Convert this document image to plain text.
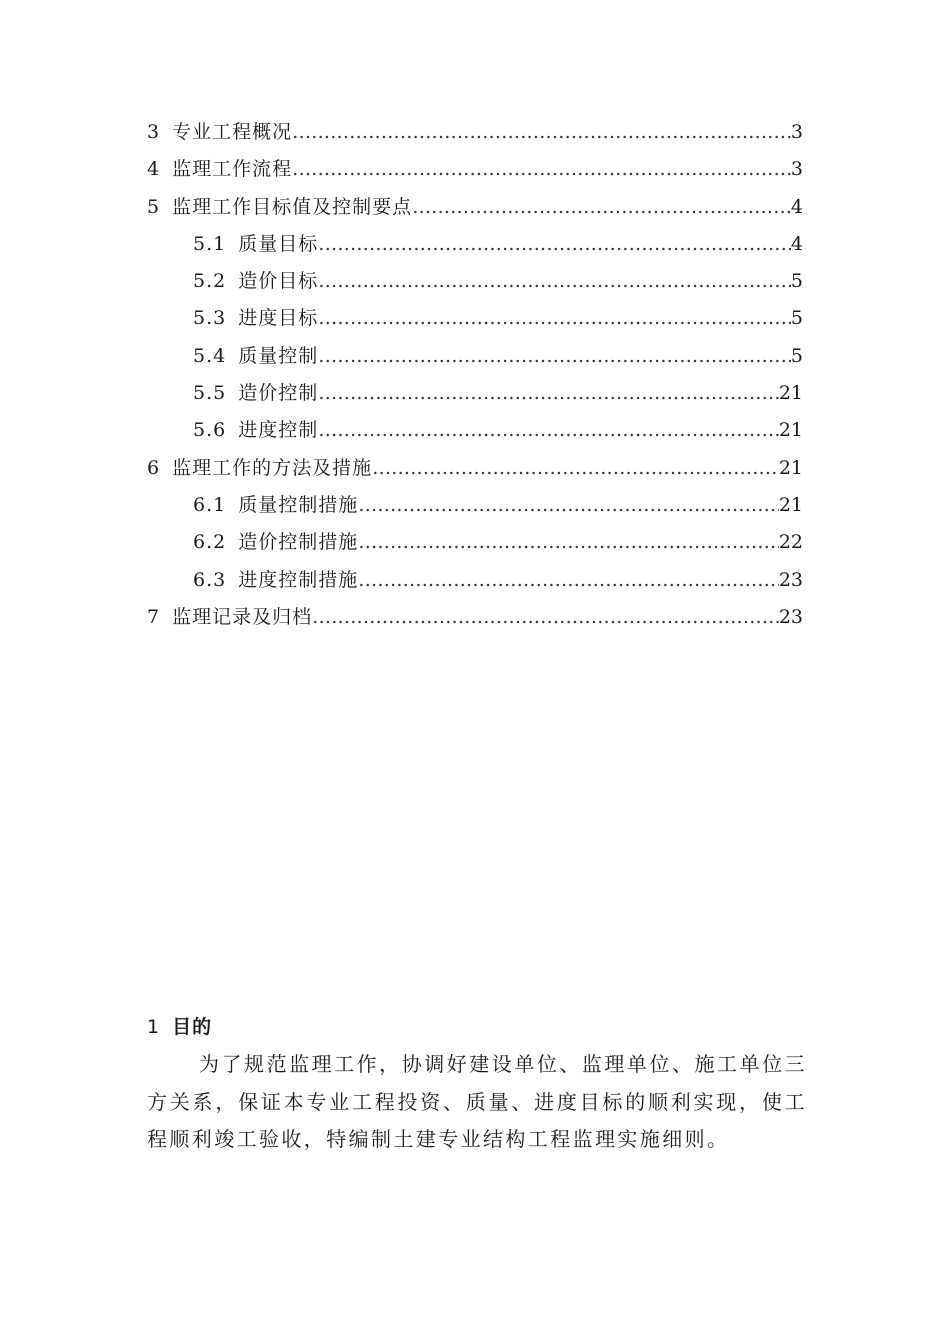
3 专业工程概况 ……………………………………………………………………………………………………………………………………………………………………	3
4 监理工作流程 ……………………………………………………………………………………………………………………………………………………………………	3
5 监理工作目标值及控制要点 ……………………………………………………………………………………………………………………………………………………………………	4
5.1 质量目标 ……………………………………………………………………………………………………………………………………………………………………	4
5.2 造价目标 ……………………………………………………………………………………………………………………………………………………………………	5
5.3 进度目标 ……………………………………………………………………………………………………………………………………………………………………	5
5.4 质量控制 ……………………………………………………………………………………………………………………………………………………………………	5
5.5 造价控制 ……………………………………………………………………………………………………………………………………………………………………	21
5.6 进度控制 ……………………………………………………………………………………………………………………………………………………………………	21
6 监理工作的方法及措施 ……………………………………………………………………………………………………………………………………………………………………	21
6.1 质量控制措施 ……………………………………………………………………………………………………………………………………………………………………	21
6.2 造价控制措施 ……………………………………………………………………………………………………………………………………………………………………	22
6.3 进度控制措施 ……………………………………………………………………………………………………………………………………………………………………	23
7 监理记录及归档 ……………………………………………………………………………………………………………………………………………………………………	23
1 目的

为了规范监理工作，协调好建设单位、监理单位、施工单位三方关系，保证本专业工程投资、质量、进度目标的顺利实现，使工程顺利竣工验收，特编制土建专业结构工程监理实施细则。
